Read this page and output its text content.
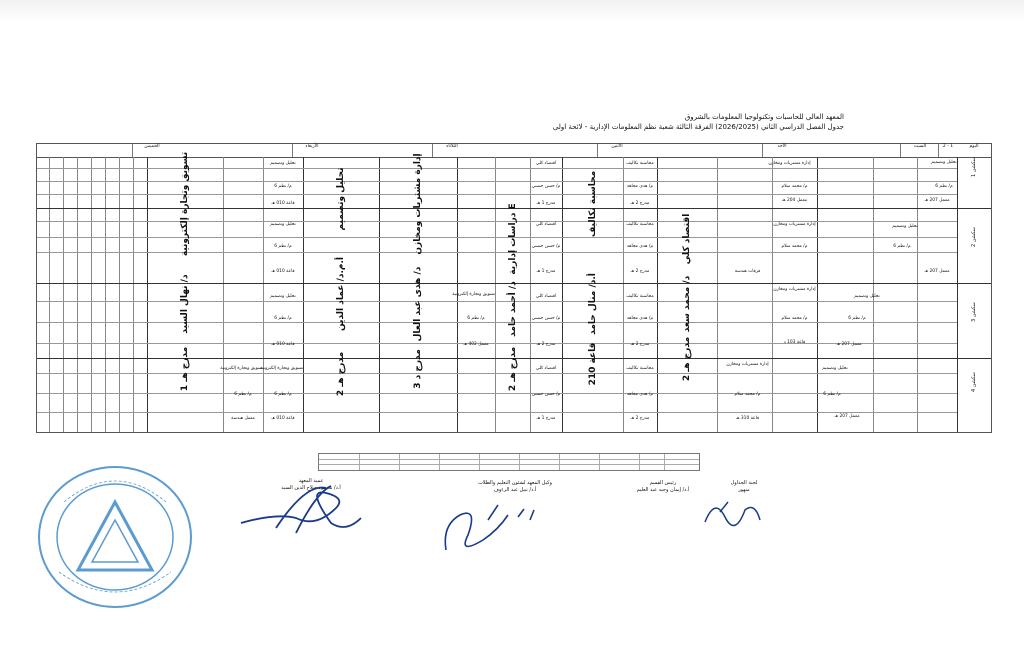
المعهد العالى للحاسبات وتكنولوجيا المعلومات بالشروق
جدول الفصل الدراسي الثاني (2026/2025) الفرقة الثالثة شعبة نظم المعلومات الإدارية - لائحة اولى
اليوم
2 - 1
السبت
الأحد
الاثنين
الثلاثاء
الأربعاء
الخميس
سكشن 1
سكشن 2
سكشن 3
سكشن 4
تحليل وتصميم
م/ نظم 6
معمل 207 هـ
تحليل وتصميم
م/ نظم 6
معمل 207 هـ
تحليل وتصميم
م/ نظم 6
معمل 207 هـ
تحليل وتصميم
م/ نظم 6
معمل 207 هـ
إدارة مشتريات ومخازن
م/ محمد سلام
معمل 204 هـ
إدارة مشتريات ومخازن
م/ محمد سلام
فرقات هندسة
إدارة مشتريات ومخازن
م/ محمد سلام
قاعة 103 د
إدارة مشتريات ومخازن
م/ محمد سلام
قاعة 310 هـ
اقتصاد كلي
د/ محمد سعد
مدرج هـ 2
محاسبة تكاليف
م/ هدى مجاهد
مدرج 2 هـ
محاسبة تكاليف
م/ هدى مجاهد
مدرج 2 هـ
محاسبة تكاليف
م/ هدى مجاهد
مدرج 2 هـ
محاسبة تكاليف
م/ هدى مجاهد
مدرج 2 هـ
محاسبة تكاليف
أ.د/ منال حامد
قاعة 210
اقتصاد كلي
م/ حسن حسني
مدرج 1 هـ
اقتصاد كلي
م/ حسن حسني
مدرج 1 هـ
اقتصاد كلي
م/ حسن حسني
مدرج 2 هـ
اقتصاد كلي
م/ حسن حسني
مدرج 1 هـ
دراسات إدارية E
د/ أحمد حامد
مدرج هـ 2
تسويق وتجارة إلكترونية
م/ نظم 6
معمل 402 هـ
إدارة مشتريات ومخازن
د/ هدى عبد العال
مدرج د 3
تحليل وتصميم
أ.م.د/ عماد الدين
مدرج هـ 2
تحليل وتصميم
م/ نظم 6
قاعة 010 هـ
تحليل وتصميم
م/ نظم 6
قاعة 010 هـ
تحليل وتصميم
م/ نظم 6
قاعة 010 هـ
تسويق وتجارة إلكترونية
م/ نظم 6
معمل هندسة
تسويق وتجارة إلكترونية
م/ نظم 6
قاعة 010 هـ
تسويق وتجارة إلكترونية
د/ نهال السيد
مدرج هـ 1
لجنة الجداول
منهور
رئيس القسم
أ.د/ إيمان وجيه عبد العليم
وكيل المعهد لشئون التعليم والطلاب
أ.د/ نبيل عبد الرءوف
عميد المعهد
أ.د/ محمود صلاح الدين السيد
